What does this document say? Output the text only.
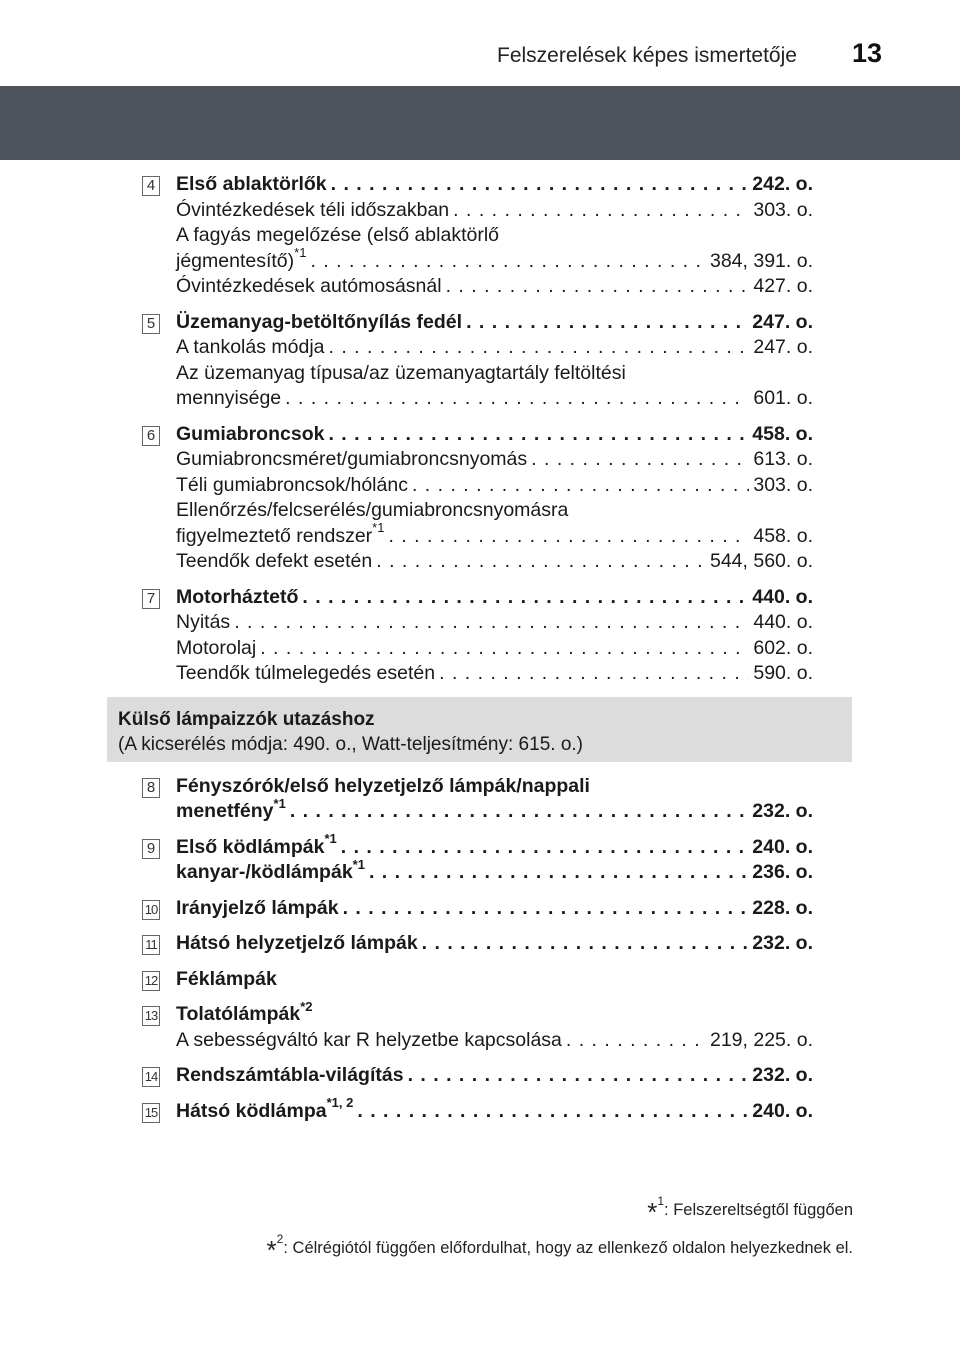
Felszerelések képes ismertetője 13
4 Első ablaktörlők . . .	242. o.
Óvintézkedések téli időszakban . . .	303. o.
A fagyás megelőzése (első ablaktörlő
jégmentesítő)$^{*1}$ . . .	384, 391. o.
Óvintézkedések autómosásnál . . .	427. o.
5 Üzemanyag-betöltőnyílás fedél . . .	247. o.
A tankolás módja . . .	247. o.
Az üzemanyag típusa/az üzemanyagtartály feltöltési
mennyisége . . .	601. o.
6 Gumiabroncsok . . .	458. o.
Gumiabroncsméret/gumiabroncsnyomás . . .	613. o.
Téli gumiabroncsok/hólánc . . .	303. o.
Ellenőrzés/felcserélés/gumiabroncsnyomásra
figyelmeztető rendszer$^{*1}$ . . .	458. o.
Teendők defekt esetén . . .	544, 560. o.
7 Motorháztető . . .	440. o.
Nyitás . . .	440. o.
Motorolaj . . .	602. o.
Teendők túlmelegedés esetén . . .	590. o.
Külső lámpaizzók utazáshoz
(A kicserélés módja: 490. o., Watt-teljesítmény: 615. o.)
8 Fényszórók/első helyzetjelző lámpák/nappali
menetfény$^{*1}$ . . .	232. o.
9 Első ködlámpák$^{*1}$ . . .	240. o.
kanyar-/ködlámpák$^{*1}$ . . .	236. o.
10 Irányjelző lámpák . . .	228. o.
11 Hátsó helyzetjelző lámpák . . .	232. o.
12 Féklámpák
13 Tolatólámpák$^{*2}$
A sebességváltó kar R helyzetbe kapcsolása . . .	219, 225. o.
14 Rendszámtábla-világítás . . .	232. o.
15 Hátsó ködlámpa$^{*1, 2}$ . . .	240. o.
*$^1$: Felszereltségtől függően
*$^2$: Célrégiótól függően előfordulhat, hogy az ellenkező oldalon helyezkednek el.
